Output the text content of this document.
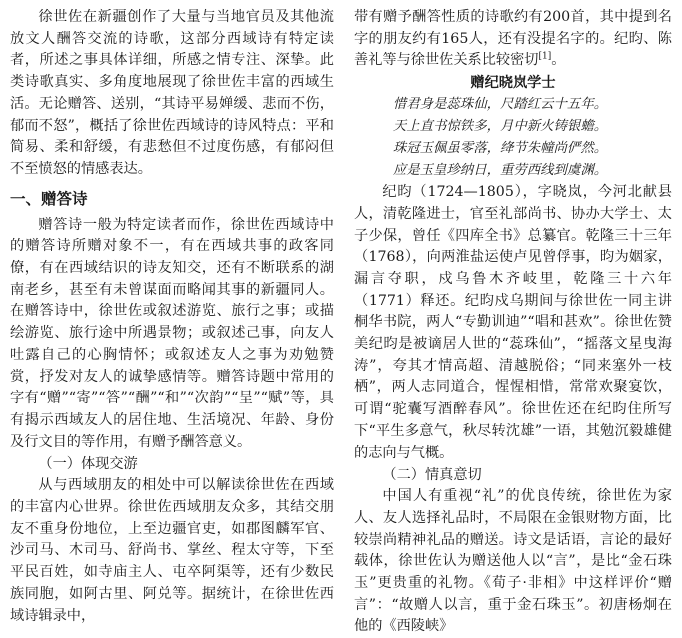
徐世佐在新疆创作了大量与当地官员及其他流放文人酬答交流的诗歌，这部分西域诗有特定读者，所述之事具体详细，所感之情专注、深挚。此类诗歌真实、多角度地展现了徐世佐丰富的西域生活。无论赠答、送别，“其诗平易婵缓、悲而不伤，郁而不怒”，概括了徐世佐西域诗的诗风特点：平和简易、柔和舒缓，有悲愁但不过度伤感，有郁闷但不至愤怒的情感表达。

一、赠答诗

赠答诗一般为特定读者而作，徐世佐西域诗中的赠答诗所赠对象不一，有在西域共事的政客同僚，有在西域结识的诗友知交，还有不断联系的湖南老乡，甚至有未曾谋面而略闻其事的新疆同人。在赠答诗中，徐世佐或叙述游览、旅行之事；或描绘游览、旅行途中所遇景物；或叙述己事，向友人吐露自己的心胸情怀；或叙述友人之事为劝勉赞赏，抒发对友人的诚挚感情等。赠答诗题中常用的字有“赠”“寄”“答”“酬”“和”“次韵”“呈”“赋”等，具有揭示西域友人的居住地、生活境况、年龄、身份及行文目的等作用，有赠予酬答意义。

（一）体现交游

从与西域朋友的相处中可以解读徐世佐在西域的丰富内心世界。徐世佐西域朋友众多，其结交朋友不重身份地位，上至边疆官吏，如郡图麟军官、沙司马、木司马、舒尚书、掌丝、程太守等，下至平民百姓，如寺庙主人、屯卒阿渠等，还有少数民族同胞，如阿古里、阿兑等。据统计，在徐世佐西域诗辑录中，

带有赠予酬答性质的诗歌约有200首，其中提到名字的朋友约有165人，还有没提名字的。纪昀、陈善礼等与徐世佐关系比较密切[1]。

赠纪晓岚学士

惜君身是蕊珠仙，尺踏红云十五年。

天上直书惊铁多，月中新火铸银蟾。

珠冠玉佩虽零落，绛节朱幢尚俨然。

应是玉皇珍纳日，重劳西线到虞渊。

纪昀（1724—1805），字晓岚，今河北献县人，清乾隆进士，官至礼部尚书、协办大学士、太子少保，曾任《四库全书》总纂官。乾隆三十三年（1768），向两淮盐运使卢见曾俘事，昀为姻家，漏言夺职，戍乌鲁木齐岐里，乾隆三十六年（1771）释还。纪昀戍乌期间与徐世佐一同主讲桐华书院，两人“专勤训迪”“唱和甚欢”。徐世佐赞美纪昀是被谪居人世的“蕊珠仙”，“摇落文星曳海涛”，夸其才情高超、清越脱俗；“同来塞外一枝栖”，两人志同道合，惺惺相惜，常常欢聚宴饮，可谓“驼囊写酒醉春风”。徐世佐还在纪昀住所写下“平生多意气，秋尽转沈雄”一语，其勉沉毅雄健的志向与气概。

（二）情真意切

中国人有重视“礼”的优良传统，徐世佐为家人、友人选择礼品时，不局限在金银财物方面，比较崇尚精神礼品的赠送。诗文是话语，言论的最好载体，徐世佐认为赠送他人以“言”，是比“金石珠玉”更贵重的礼物。《荀子·非相》中这样评价“赠言”：“故赠人以言，重于金石珠玉”。初唐杨炯在他的《西陵峡》
